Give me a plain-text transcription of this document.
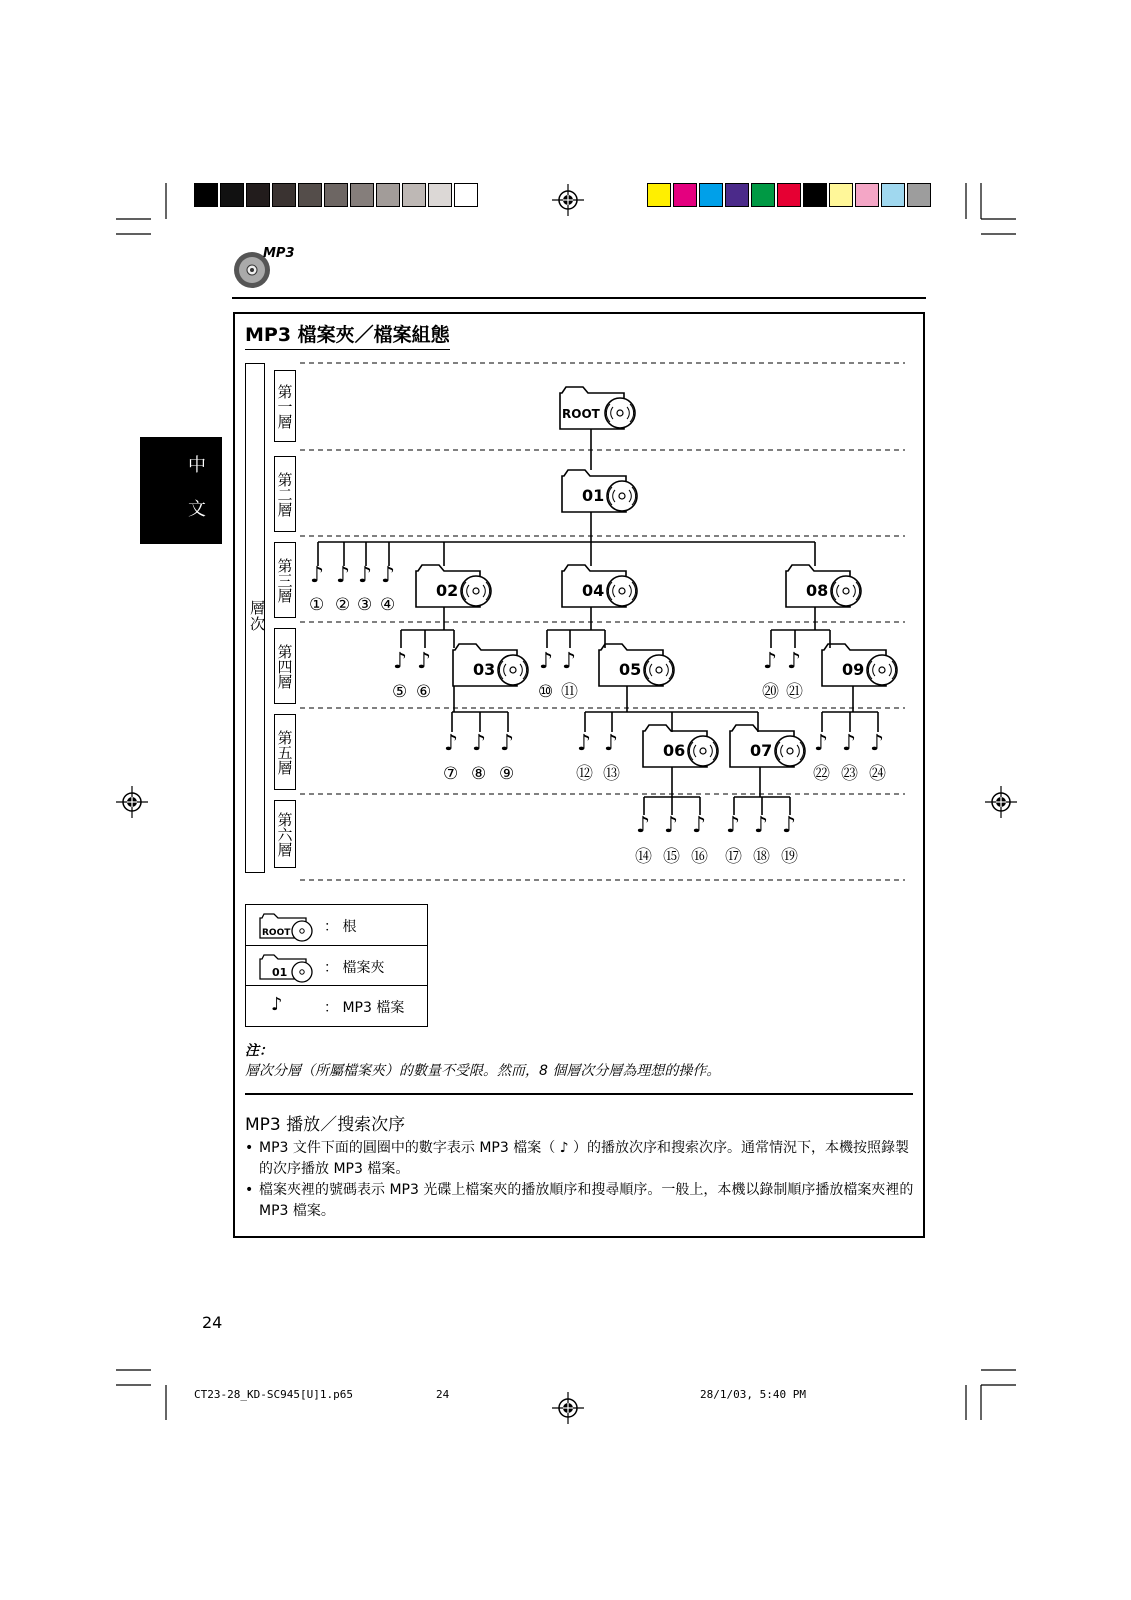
MP3
中
文
MP3 檔案夾／檔案組態
層次
第一層
第二層
第三層
第四層
第五層
第六層
ROOT
01
02	04	08
03	05	09
06	07
♪
①
♪
②
♪
③
♪
④
♪
⑤
♪
⑥
♪
⑦
♪
⑧
♪
⑨
♪
⑩
♪
⑪
♪
⑫
♪
⑬
♪
⑭
♪
⑮
♪
⑯
♪
⑰
♪
⑱
♪
⑲
♪
⑳
♪
㉑
♪
㉒
♪
㉓
♪
㉔
ROOT ： 根
01	： 檔案夾
♪	： MP3 檔案
注：
層次分層（所屬檔案夾）的數量不受限。然而，8 個層次分層為理想的操作。
MP3 播放／搜索次序
• MP3 文件下面的圓圈中的數字表示 MP3 檔案（ ♪ ）的播放次序和搜索次序。通常情況下，本機按照錄製的次序播放 MP3 檔案。
• 檔案夾裡的號碼表示 MP3 光碟上檔案夾的播放順序和搜尋順序。一般上，本機以錄制順序播放檔案夾裡的 MP3 檔案。
24
CT23-28_KD-SC945[U]1.p65	24	28/1/03, 5:40 PM
